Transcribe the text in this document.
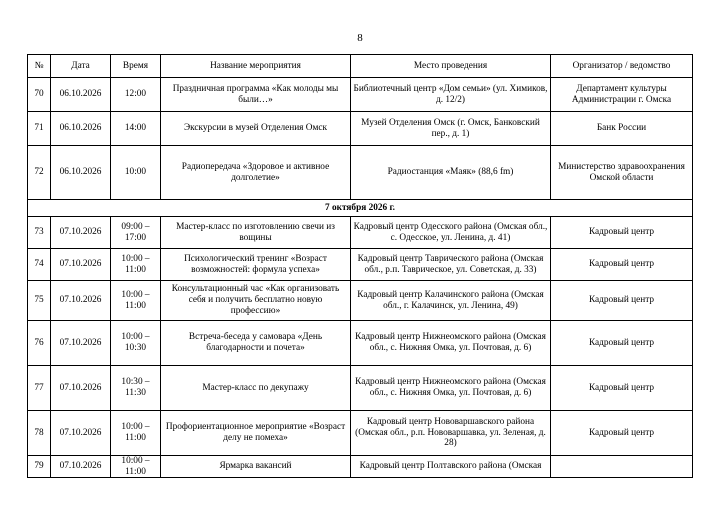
8
№	Дата	Время	Название мероприятия	Место проведения	Организатор / ведомство
70	06.10.2026	12:00	Праздничная программа «Как молоды мы были…»	Библиотечный центр «Дом семьи» (ул. Химиков, д. 12/2)	Департамент культуры Администрации г. Омска
71	06.10.2026	14:00	Экскурсии в музей Отделения Омск	Музей Отделения Омск (г. Омск, Банковский пер., д. 1)	Банк России
72	06.10.2026	10:00	Радиопередача «Здоровое и активное долголетие»	Радиостанция «Маяк» (88,6 fm)	Министерство здравоохранения Омской области
7 октября 2026 г.					
73	07.10.2026	09:00 – 17:00	Мастер-класс по изготовлению свечи из вощины	Кадровый центр Одесского района (Омская обл., с. Одесское, ул. Ленина, д. 41)	Кадровый центр
74	07.10.2026	10:00 – 11:00	Психологический тренинг «Возраст возможностей: формула успеха»	Кадровый центр Таврического района (Омская обл., р.п. Таврическое, ул. Советская, д. 33)	Кадровый центр
75	07.10.2026	10:00 – 11:00	Консультационный час «Как организовать себя и получить бесплатно новую профессию»	Кадровый центр Калачинского района (Омская обл., г. Калачинск, ул. Ленина, 49)	Кадровый центр
76	07.10.2026	10:00 – 10:30	Встреча-беседа у самовара «День благодарности и почета»	Кадровый центр Нижнеомского района (Омская обл., с. Нижняя Омка, ул. Почтовая, д. 6)	Кадровый центр
77	07.10.2026	10:30 – 11:30	Мастер-класс по декупажу	Кадровый центр Нижнеомского района (Омская обл., с. Нижняя Омка, ул. Почтовая, д. 6)	Кадровый центр
78	07.10.2026	10:00 – 11:00	Профориентационное мероприятие «Возраст делу не помеха»	Кадровый центр Нововаршавского района (Омская обл., р.п. Нововаршавка, ул. Зеленая, д. 28)	Кадровый центр
79	07.10.2026	10:00 – 11:00	Ярмарка вакансий	Кадровый центр Полтавского района (Омская	
